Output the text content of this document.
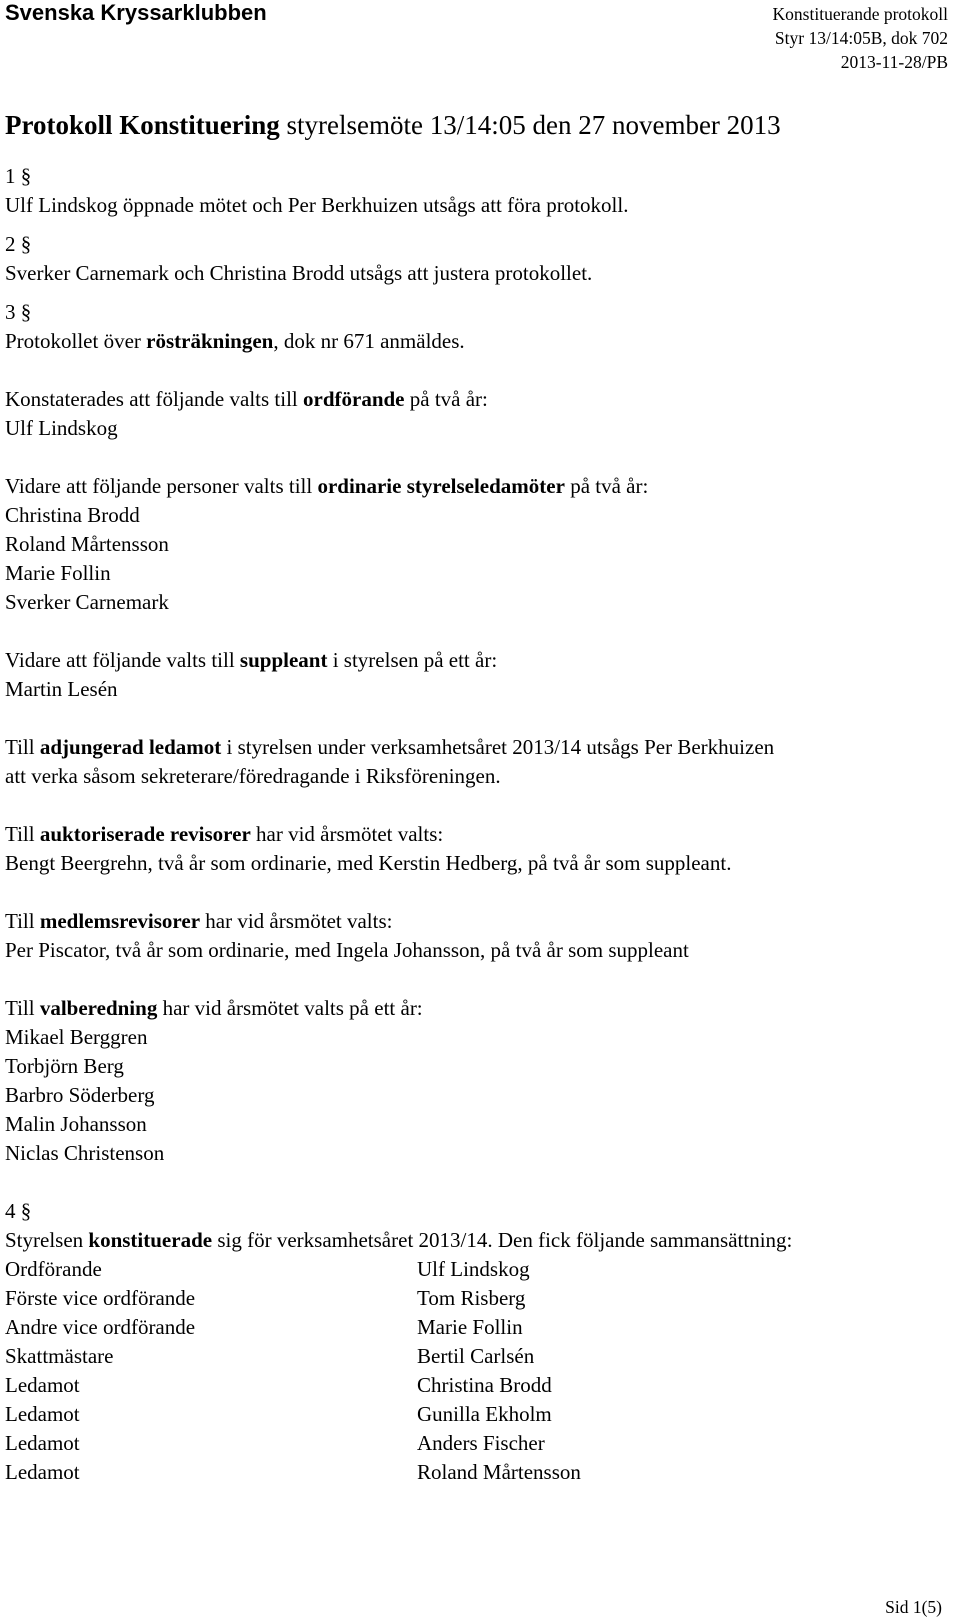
Svenska Kryssarklubben	Konstituerande protokoll
Styr 13/14:05B, dok 702
2013-11-28/PB
Protokoll Konstituering styrelsemöte 13/14:05 den 27 november 2013
1 §
Ulf Lindskog öppnade mötet och Per Berkhuizen utsågs att föra protokoll.
2 §
Sverker Carnemark och Christina Brodd utsågs att justera protokollet.
3 §
Protokollet över rösträkningen, dok nr 671 anmäldes.
Konstaterades att följande valts till ordförande på två år:
Ulf Lindskog
Vidare att följande personer valts till ordinarie styrelseledamöter på två år:
Christina Brodd
Roland Mårtensson
Marie Follin
Sverker Carnemark
Vidare att följande valts till suppleant i styrelsen på ett år:
Martin Lesén
Till adjungerad ledamot i styrelsen under verksamhetsåret 2013/14 utsågs Per Berkhuizen
att verka såsom sekreterare/föredragande i Riksföreningen.
Till auktoriserade revisorer har vid årsmötet valts:
Bengt Beergrehn, två år som ordinarie, med Kerstin Hedberg, på två år som suppleant.
Till medlemsrevisorer har vid årsmötet valts:
Per Piscator, två år som ordinarie, med Ingela Johansson, på två år som suppleant
Till valberedning har vid årsmötet valts på ett år:
Mikael Berggren
Torbjörn Berg
Barbro Söderberg
Malin Johansson
Niclas Christenson
4 §
Styrelsen konstituerade sig för verksamhetsåret 2013/14. Den fick följande sammansättning:
Ordförande	Ulf Lindskog
Förste vice ordförande	Tom Risberg
Andre vice ordförande	Marie Follin
Skattmästare	Bertil Carlsén
Ledamot	Christina Brodd
Ledamot	Gunilla Ekholm
Ledamot	Anders Fischer
Ledamot	Roland Mårtensson
Sid 1(5)
